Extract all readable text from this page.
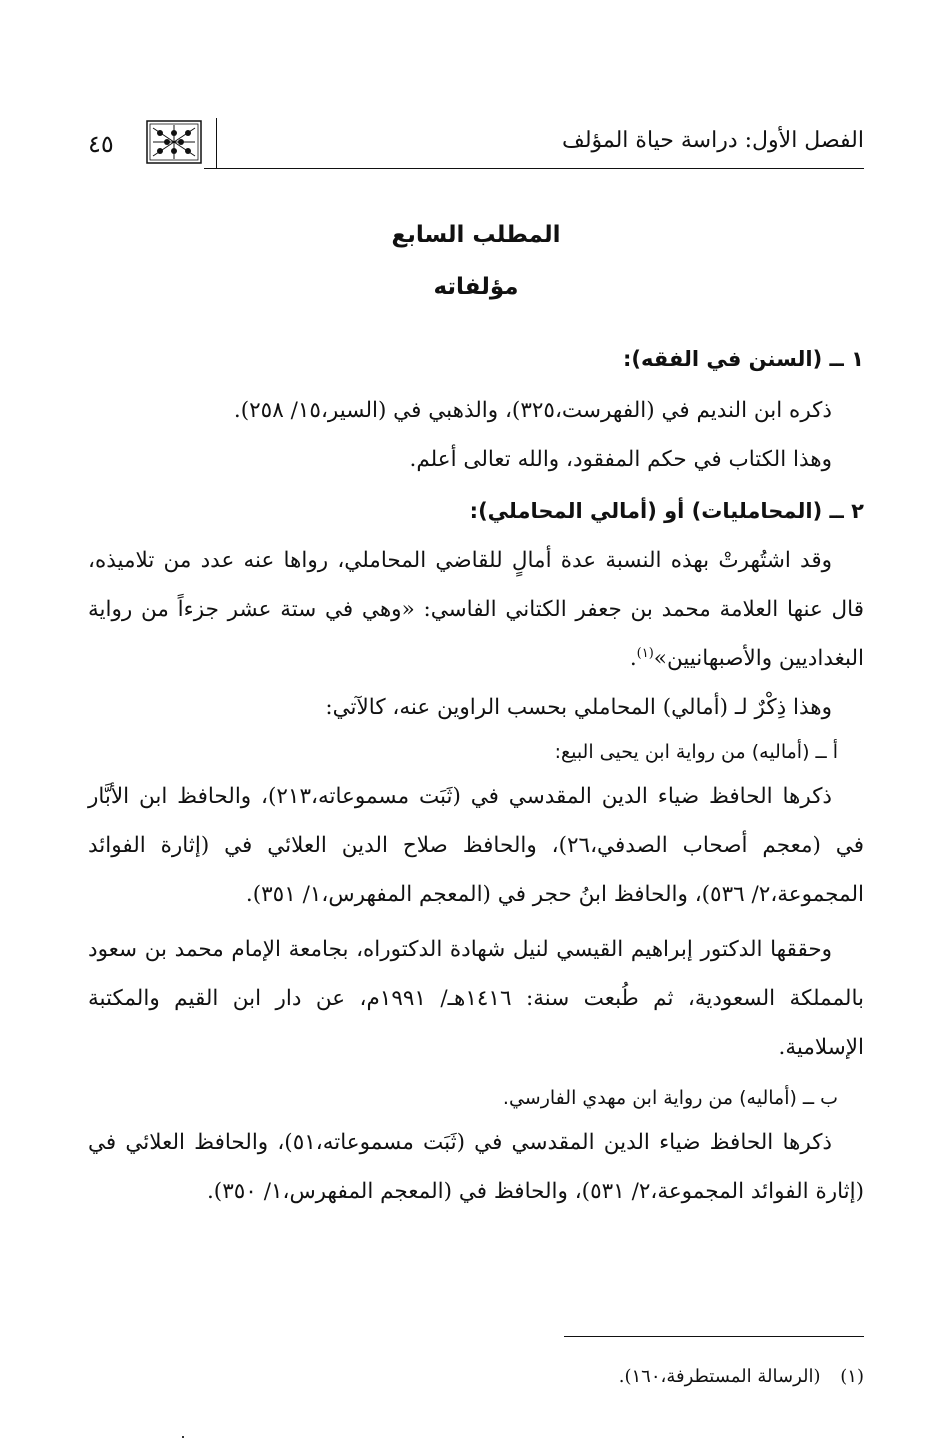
الفصل الأول: دراسة حياة المؤلف
٤٥
المطلب السابع
مؤلفاته
١ ــ (السنن في الفقه):

ذكره ابن النديم في (الفهرست،٣٢٥)، والذهبي في (السير،١٥/ ٢٥٨).

وهذا الكتاب في حكم المفقود، والله تعالى أعلم.

٢ ــ (المحامليات) أو (أمالي المحاملي):

وقد اشتُهرتْ بهذه النسبة عدة أمالٍ للقاضي المحاملي، رواها عنه عدد من تلاميذه، قال عنها العلامة محمد بن جعفر الكتاني الفاسي: «وهي في ستة عشر جزءاً من رواية البغداديين والأصبهانيين»$^{(١)}$.

وهذا ذِكْرٌ لـ (أمالي) المحاملي بحسب الراوين عنه، كالآتي:

أ ــ (أماليه) من رواية ابن يحيى البيع:

ذكرها الحافظ ضياء الدين المقدسي في (ثَبَت مسموعاته،٢١٣)، والحافظ ابن الأبَّار في (معجم أصحاب الصدفي،٢٦)، والحافظ صلاح الدين العلائي في (إثارة الفوائد المجموعة،٢/ ٥٣٦)، والحافظ ابنُ حجر في (المعجم المفهرس،١/ ٣٥١).

وحققها الدكتور إبراهيم القيسي لنيل شهادة الدكتوراه، بجامعة الإمام محمد بن سعود بالمملكة السعودية، ثم طُبعت سنة: ١٤١٦هـ/ ١٩٩١م، عن دار ابن القيم والمكتبة الإسلامية.

ب ــ (أماليه) من رواية ابن مهدي الفارسي.

ذكرها الحافظ ضياء الدين المقدسي في (ثَبَت مسموعاته،٥١)، والحافظ العلائي في (إثارة الفوائد المجموعة،٢/ ٥٣١)، والحافظ في (المعجم المفهرس،١/ ٣٥٠).

(١) (الرسالة المستطرفة،١٦٠).
